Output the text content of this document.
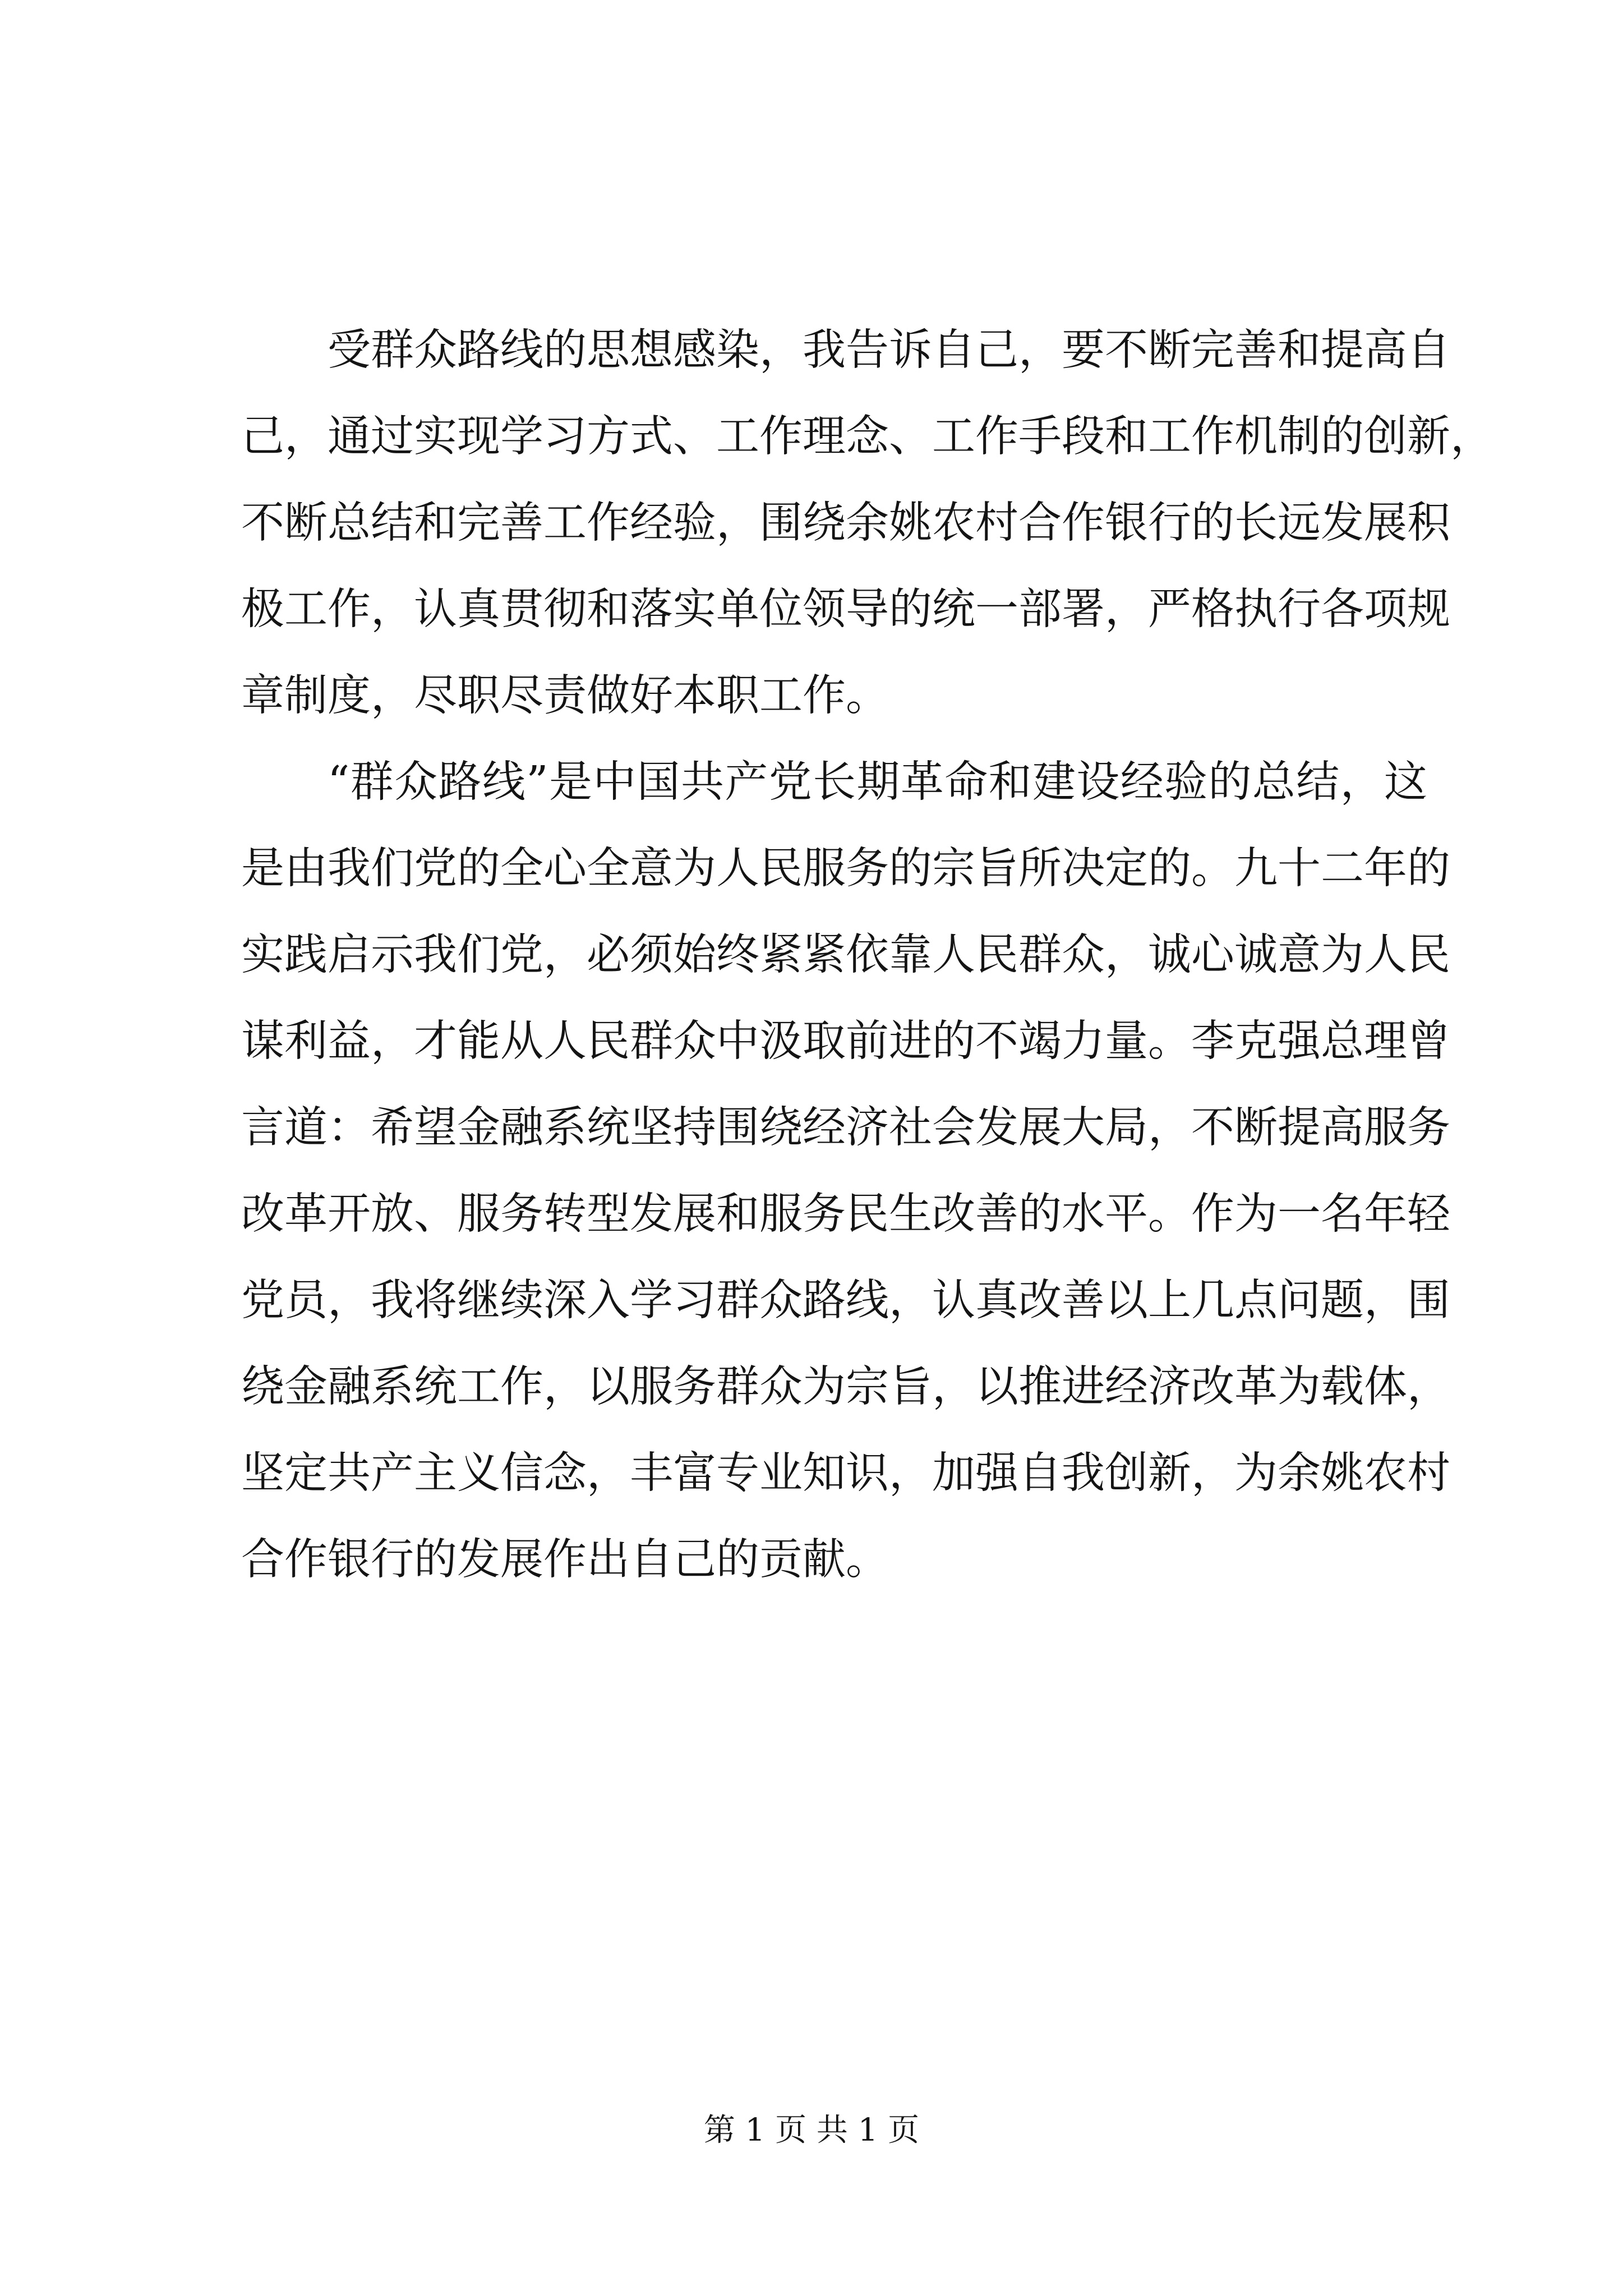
受群众路线的思想感染，我告诉自己，要不断完善和提高自
己，通过实现学习方式、工作理念、工作手段和工作机制的创新，
不断总结和完善工作经验，围绕余姚农村合作银行的长远发展积
极工作，认真贯彻和落实单位领导的统一部署，严格执行各项规
章制度，尽职尽责做好本职工作。
“群众路线”是中国共产党长期革命和建设经验的总结，这
是由我们党的全心全意为人民服务的宗旨所决定的。九十二年的
实践启示我们党，必须始终紧紧依靠人民群众，诚心诚意为人民
谋利益，才能从人民群众中汲取前进的不竭力量。李克强总理曾
言道：希望金融系统坚持围绕经济社会发展大局，不断提高服务
改革开放、服务转型发展和服务民生改善的水平。作为一名年轻
党员，我将继续深入学习群众路线，认真改善以上几点问题，围
绕金融系统工作，以服务群众为宗旨，以推进经济改革为载体，
坚定共产主义信念，丰富专业知识，加强自我创新，为余姚农村
合作银行的发展作出自己的贡献。
第 1 页 共 1 页
